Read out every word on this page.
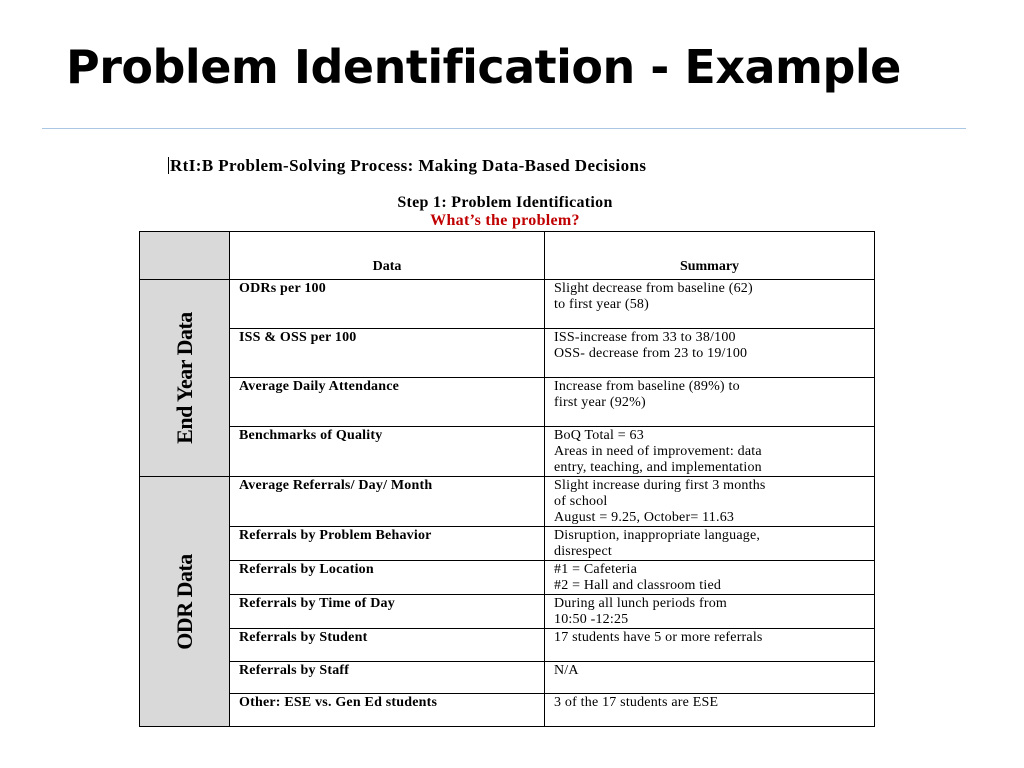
Problem Identification - Example
RtI:B Problem-Solving Process: Making Data-Based Decisions
Step 1: Problem Identification
What’s the problem?
	Data	Summary

End Year Data	ODRs per 100	Slight decrease from baseline (62)
to first year (58)

	ISS & OSS per 100	ISS-increase from 33 to 38/100
OSS- decrease from 23 to 19/100

	Average Daily Attendance	Increase from baseline (89%) to
first year (92%)

	Benchmarks of Quality	BoQ Total = 63
Areas in need of improvement: data
entry, teaching, and implementation

ODR Data	Average Referrals/ Day/ Month	Slight increase during first 3 months
of school
August = 9.25, October= 11.63

	Referrals by Problem Behavior	Disruption, inappropriate language,
disrespect

	Referrals by Location	#1 = Cafeteria
#2 = Hall and classroom tied

	Referrals by Time of Day	During all lunch periods from
10:50 -12:25

	Referrals by Student	17 students have 5 or more referrals

	Referrals by Staff	N/A

	Other: ESE vs. Gen Ed students	3 of the 17 students are ESE
